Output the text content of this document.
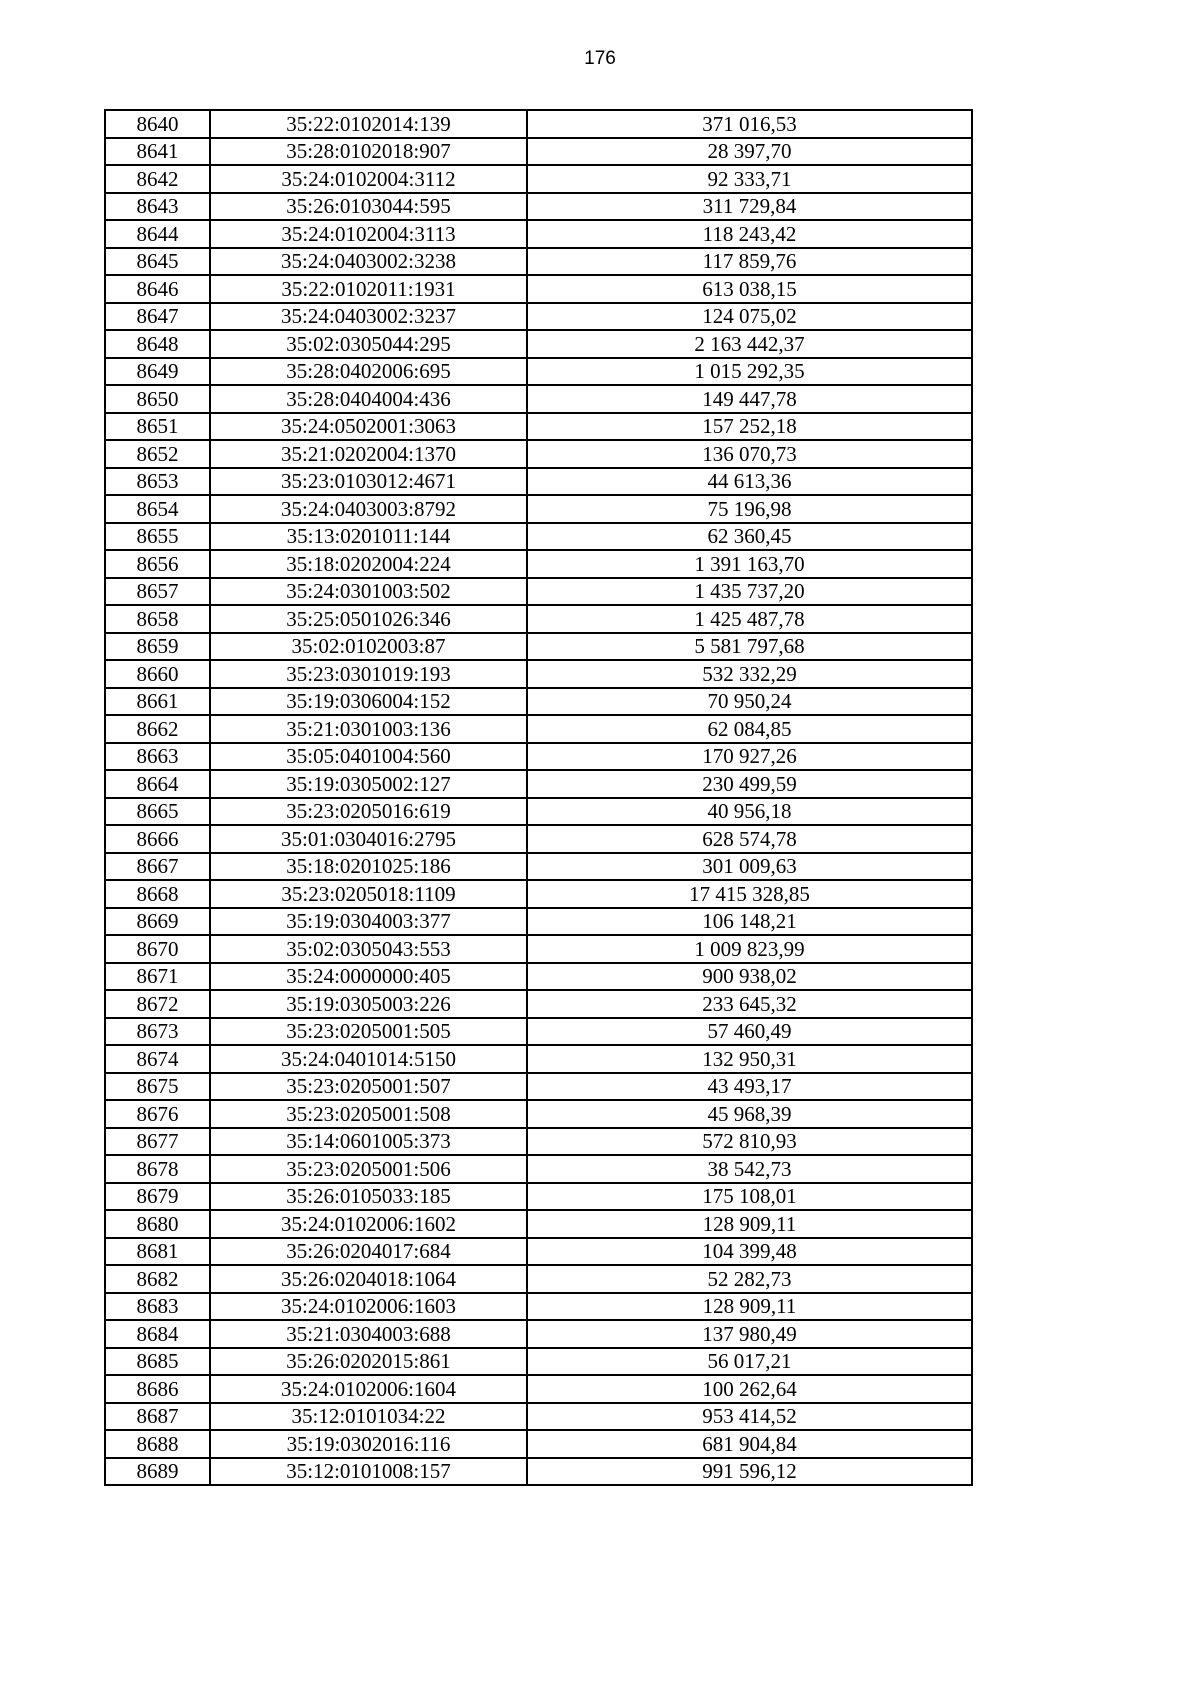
176
8640	35:22:0102014:139	371 016,53
8641	35:28:0102018:907	28 397,70
8642	35:24:0102004:3112	92 333,71
8643	35:26:0103044:595	311 729,84
8644	35:24:0102004:3113	118 243,42
8645	35:24:0403002:3238	117 859,76
8646	35:22:0102011:1931	613 038,15
8647	35:24:0403002:3237	124 075,02
8648	35:02:0305044:295	2 163 442,37
8649	35:28:0402006:695	1 015 292,35
8650	35:28:0404004:436	149 447,78
8651	35:24:0502001:3063	157 252,18
8652	35:21:0202004:1370	136 070,73
8653	35:23:0103012:4671	44 613,36
8654	35:24:0403003:8792	75 196,98
8655	35:13:0201011:144	62 360,45
8656	35:18:0202004:224	1 391 163,70
8657	35:24:0301003:502	1 435 737,20
8658	35:25:0501026:346	1 425 487,78
8659	35:02:0102003:87	5 581 797,68
8660	35:23:0301019:193	532 332,29
8661	35:19:0306004:152	70 950,24
8662	35:21:0301003:136	62 084,85
8663	35:05:0401004:560	170 927,26
8664	35:19:0305002:127	230 499,59
8665	35:23:0205016:619	40 956,18
8666	35:01:0304016:2795	628 574,78
8667	35:18:0201025:186	301 009,63
8668	35:23:0205018:1109	17 415 328,85
8669	35:19:0304003:377	106 148,21
8670	35:02:0305043:553	1 009 823,99
8671	35:24:0000000:405	900 938,02
8672	35:19:0305003:226	233 645,32
8673	35:23:0205001:505	57 460,49
8674	35:24:0401014:5150	132 950,31
8675	35:23:0205001:507	43 493,17
8676	35:23:0205001:508	45 968,39
8677	35:14:0601005:373	572 810,93
8678	35:23:0205001:506	38 542,73
8679	35:26:0105033:185	175 108,01
8680	35:24:0102006:1602	128 909,11
8681	35:26:0204017:684	104 399,48
8682	35:26:0204018:1064	52 282,73
8683	35:24:0102006:1603	128 909,11
8684	35:21:0304003:688	137 980,49
8685	35:26:0202015:861	56 017,21
8686	35:24:0102006:1604	100 262,64
8687	35:12:0101034:22	953 414,52
8688	35:19:0302016:116	681 904,84
8689	35:12:0101008:157	991 596,12
